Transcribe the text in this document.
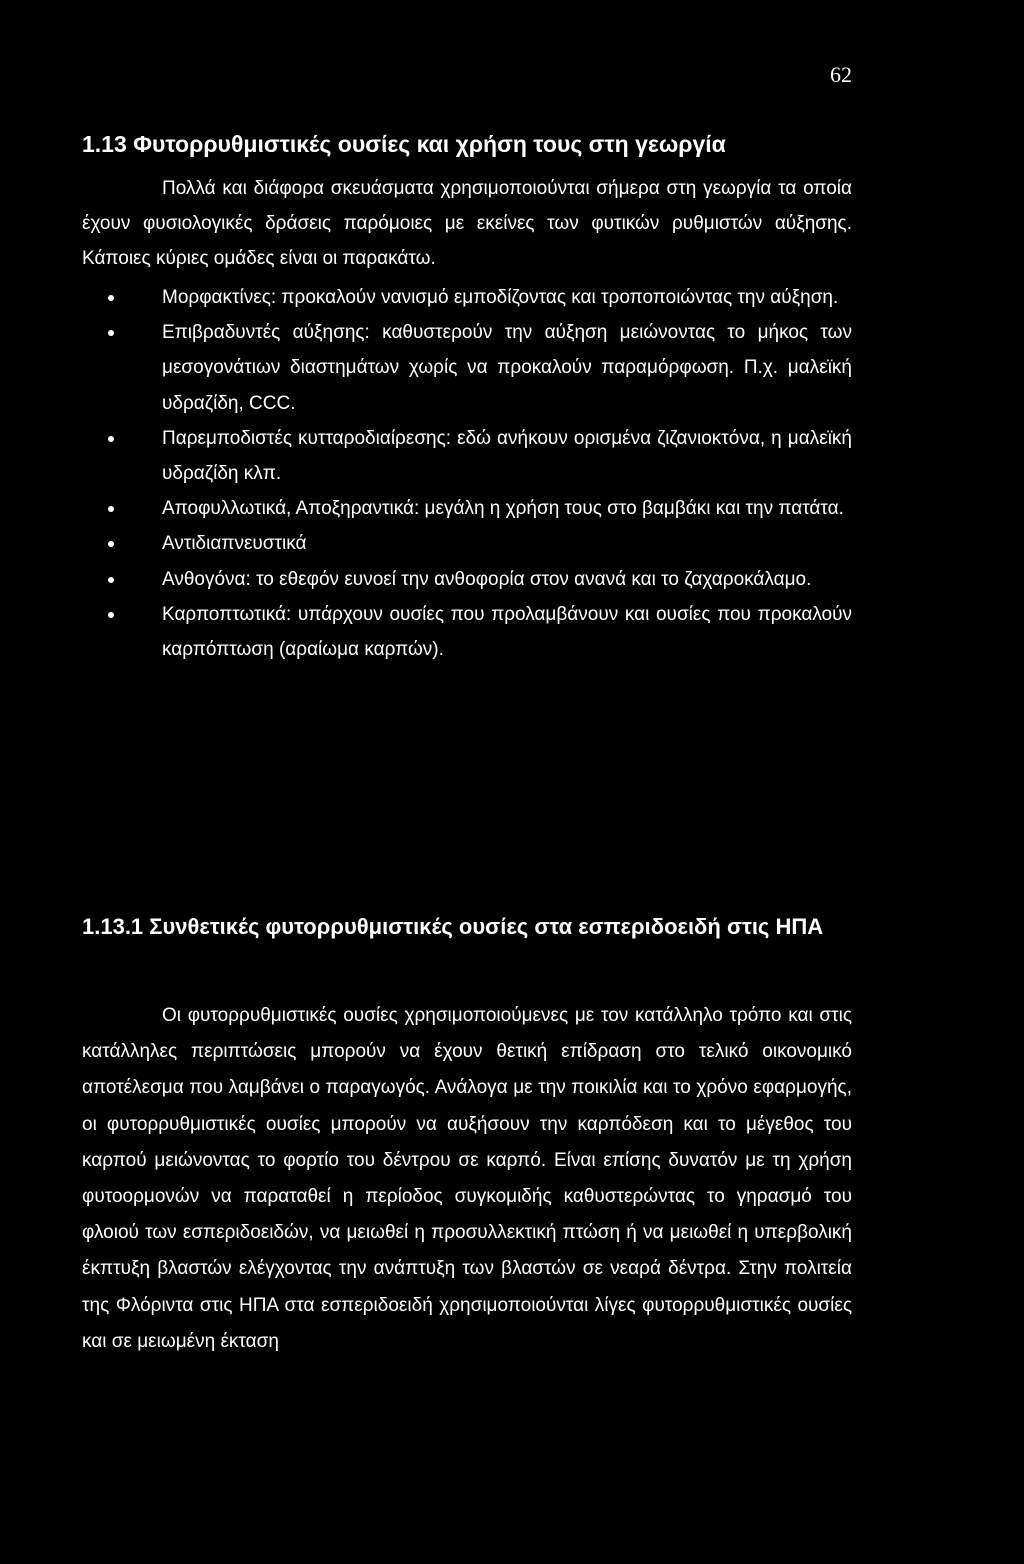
62
1.13 Φυτορρυθμιστικές ουσίες και χρήση τους στη γεωργία

Πολλά και διάφορα σκευάσματα χρησιμοποιούνται σήμερα στη γεωργία τα οποία έχουν φυσιολογικές δράσεις παρόμοιες με εκείνες των φυτικών ρυθμιστών αύξησης. Κάποιες κύριες ομάδες είναι οι παρακάτω.

Μορφακτίνες: προκαλούν νανισμό εμποδίζοντας και τροποποιώντας την αύξηση.
Επιβραδυντές αύξησης: καθυστερούν την αύξηση μειώνοντας το μήκος των μεσογονάτιων διαστημάτων χωρίς να προκαλούν παραμόρφωση. Π.χ. μαλεϊκή υδραζίδη, CCC.
Παρεμποδιστές κυτταροδιαίρεσης: εδώ ανήκουν ορισμένα ζιζανιοκτόνα, η μαλεϊκή υδραζίδη κλπ.
Αποφυλλωτικά, Αποξηραντικά: μεγάλη η χρήση τους στο βαμβάκι και την πατάτα.
Αντιδιαπνευστικά
Ανθογόνα: το εθεφόν ευνοεί την ανθοφορία στον ανανά και το ζαχαροκάλαμο.
Καρποπτωτικά: υπάρχουν ουσίες που προλαμβάνουν και ουσίες που προκαλούν καρπόπτωση (αραίωμα καρπών).
1.13.1 Συνθετικές φυτορρυθμιστικές ουσίες στα εσπεριδοειδή στις ΗΠΑ

Οι φυτορρυθμιστικές ουσίες χρησιμοποιούμενες με τον κατάλληλο τρόπο και στις κατάλληλες περιπτώσεις μπορούν να έχουν θετική επίδραση στο τελικό οικονομικό αποτέλεσμα που λαμβάνει ο παραγωγός. Ανάλογα με την ποικιλία και το χρόνο εφαρμογής, οι φυτορρυθμιστικές ουσίες μπορούν να αυξήσουν την καρπόδεση και το μέγεθος του καρπού μειώνοντας το φορτίο του δέντρου σε καρπό. Είναι επίσης δυνατόν με τη χρήση φυτοορμονών να παραταθεί η περίοδος συγκομιδής καθυστερώντας το γηρασμό του φλοιού των εσπεριδοειδών, να μειωθεί η προσυλλεκτική πτώση ή να μειωθεί η υπερβολική έκπτυξη βλαστών ελέγχοντας την ανάπτυξη των βλαστών σε νεαρά δέντρα. Στην πολιτεία της Φλόριντα στις ΗΠΑ στα εσπεριδοειδή χρησιμοποιούνται λίγες φυτορρυθμιστικές ουσίες και σε μειωμένη έκταση
